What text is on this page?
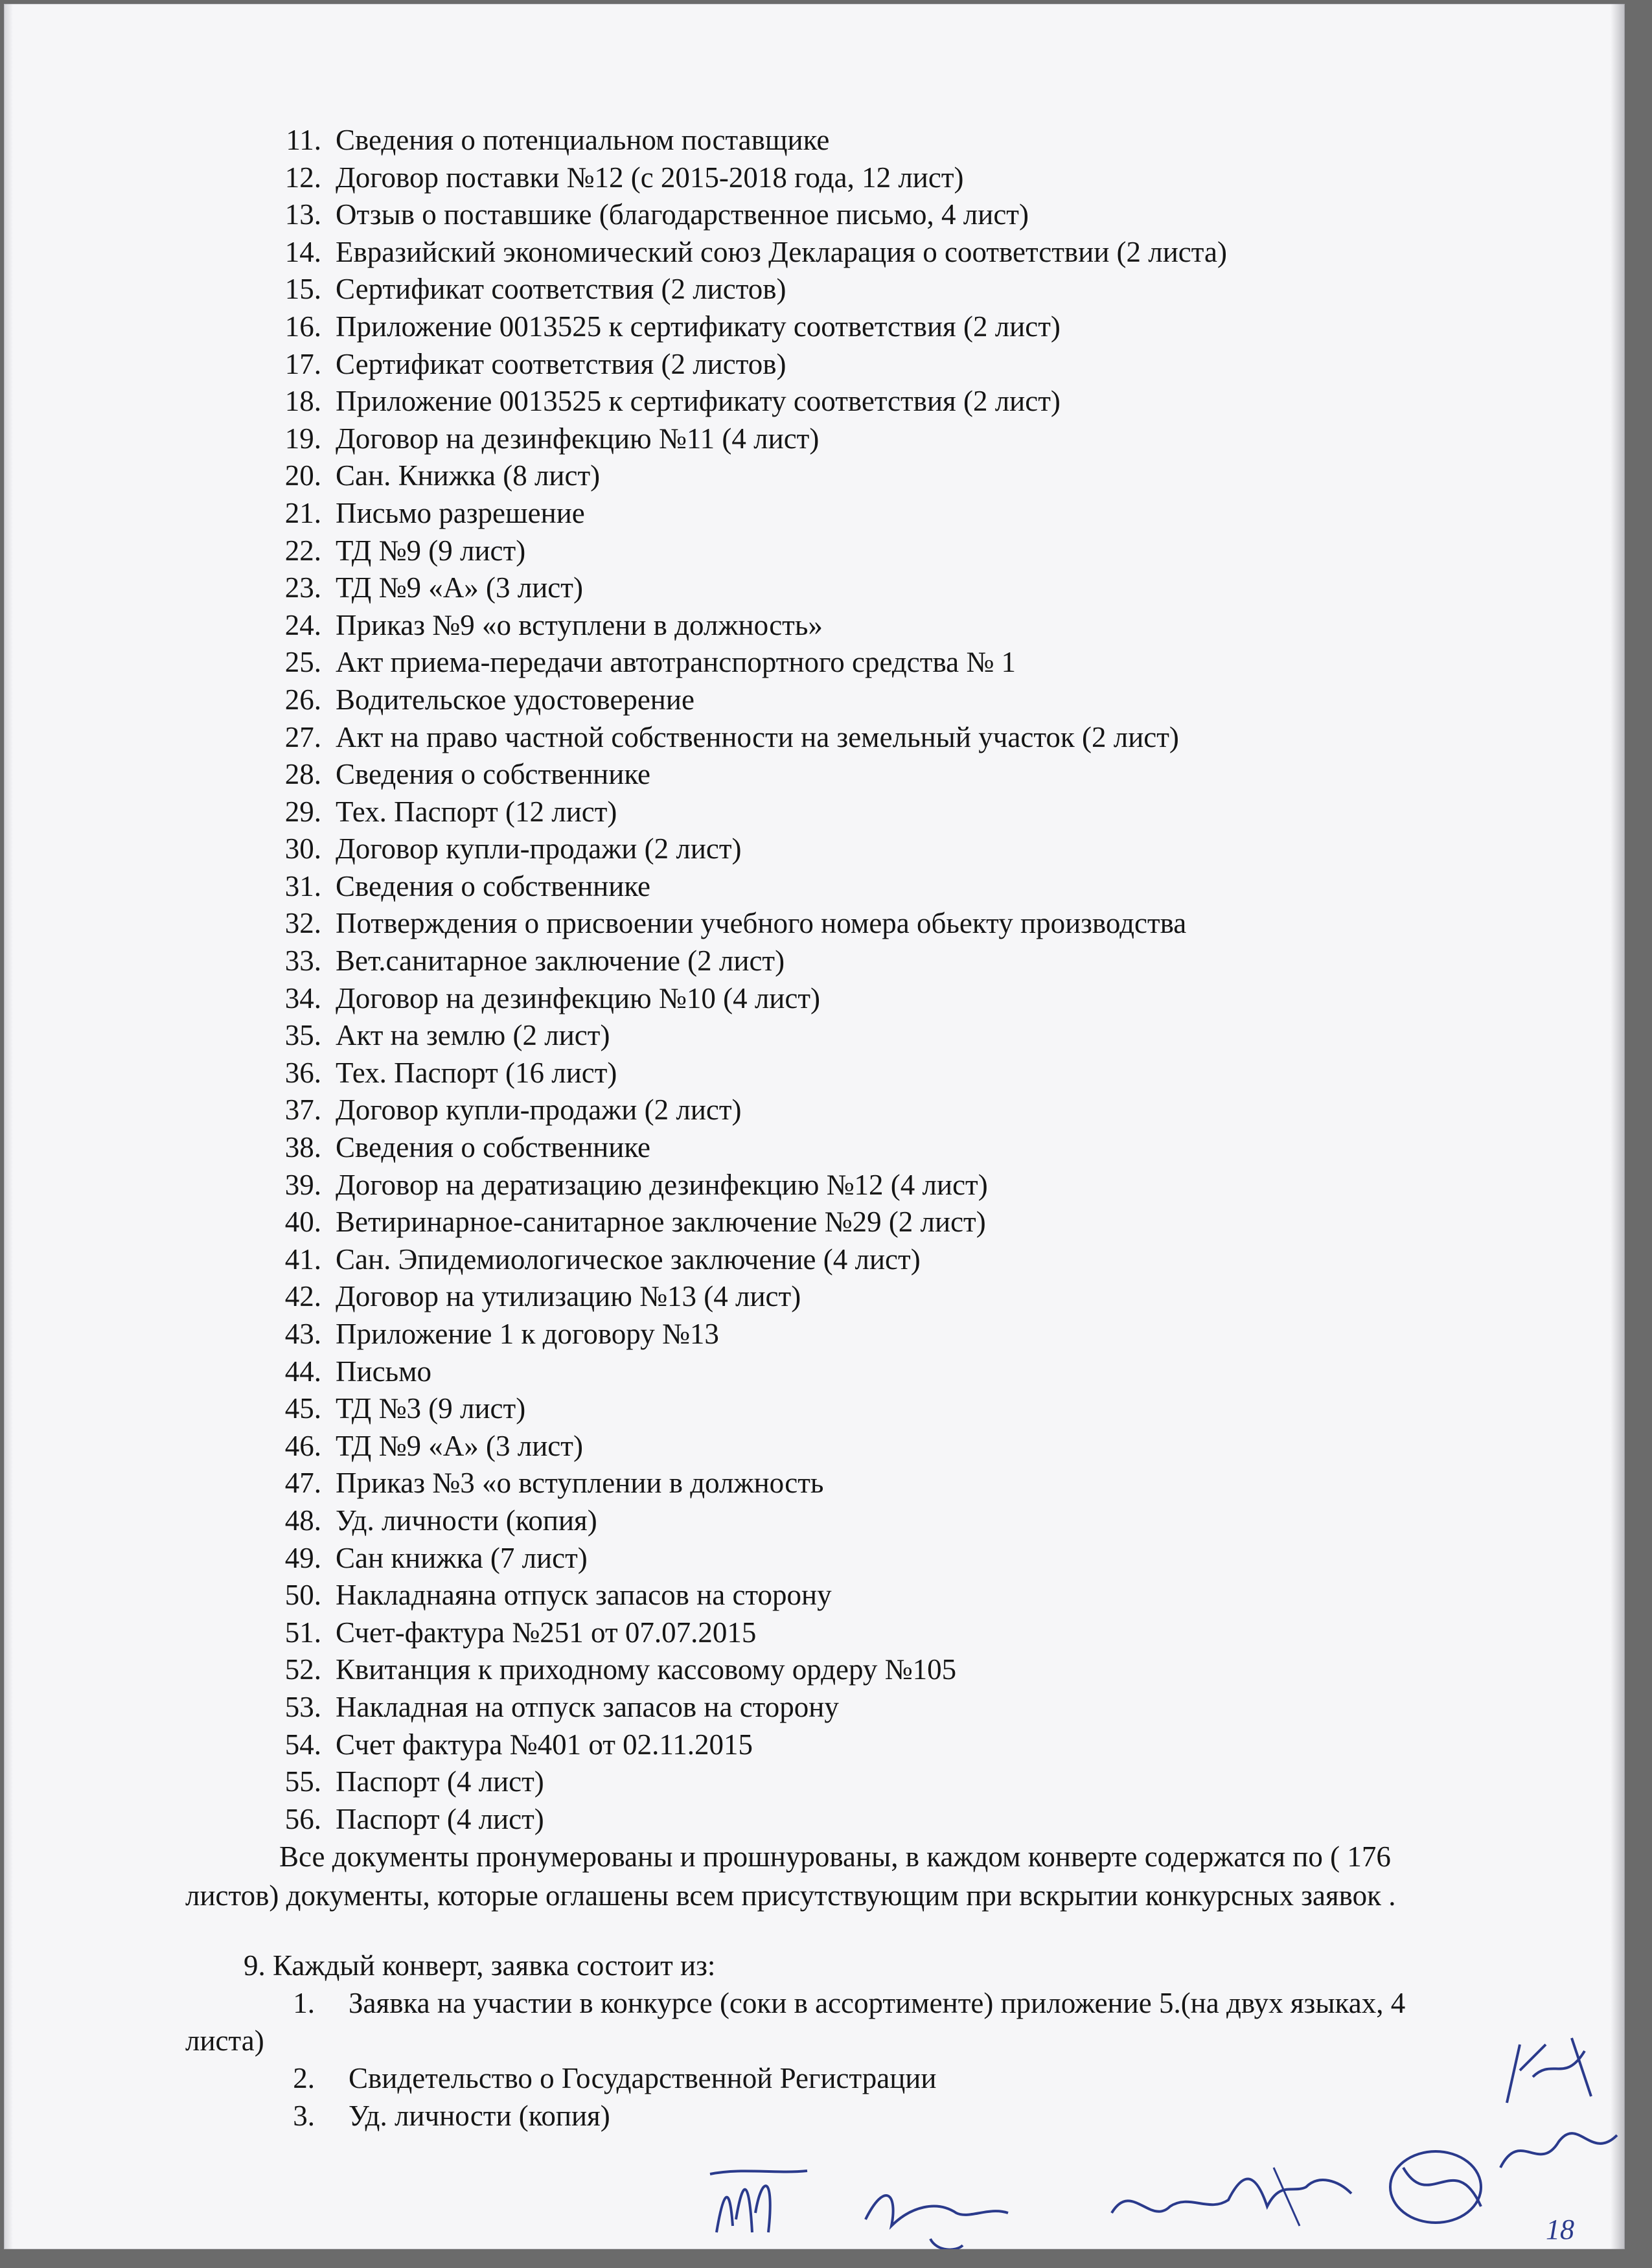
11. Сведения о потенциальном поставщике
12. Договор поставки №12 (с 2015-2018 года, 12 лист)
13. Отзыв о поставшике (благодарственное письмо, 4 лист)
14. Евразийский экономический союз Декларация о соответствии (2 листа)
15. Сертификат соответствия (2 листов)
16. Приложение 0013525 к сертификату соответствия (2 лист)
17. Сертификат соответствия (2 листов)
18. Приложение 0013525 к сертификату соответствия (2 лист)
19. Договор на дезинфекцию №11 (4 лист)
20. Сан. Книжка (8 лист)
21. Письмо разрешение
22. ТД №9 (9 лист)
23. ТД №9 «А» (3 лист)
24. Приказ №9 «о вступлени в должность»
25. Акт приема-передачи автотранспортного средства № 1
26. Водительское удостоверение
27. Акт на право частной собственности на земельный участок (2 лист)
28. Сведения о собственнике
29. Тех. Паспорт (12 лист)
30. Договор купли-продажи (2 лист)
31. Сведения о собственнике
32. Потверждения о присвоении учебного номера обьекту производства
33. Вет.санитарное заключение (2 лист)
34. Договор на дезинфекцию №10 (4 лист)
35. Акт на землю (2 лист)
36. Тех. Паспорт (16 лист)
37. Договор купли-продажи (2 лист)
38. Сведения о собственнике
39. Договор на дератизацию дезинфекцию №12 (4 лист)
40. Ветиринарное-санитарное заключение №29 (2 лист)
41. Сан. Эпидемиологическое заключение (4 лист)
42. Договор на утилизацию №13 (4 лист)
43. Приложение 1 к договору №13
44. Письмо
45. ТД №3 (9 лист)
46. ТД №9 «А» (3 лист)
47. Приказ №3 «о вступлении в должность
48. Уд. личности (копия)
49. Сан книжка (7 лист)
50. Накладнаяна отпуск запасов на сторону
51. Счет-фактура №251 от 07.07.2015
52. Квитанция к приходному кассовому ордеру №105
53. Накладная на отпуск запасов на сторону
54. Счет фактура №401 от 02.11.2015
55. Паспорт (4 лист)
56. Паспорт (4 лист)

Все документы пронумерованы и прошнурованы, в каждом конверте содержатся по ( 176 листов) документы, которые оглашены всем присутствующим при вскрытии конкурсных заявок .

9. Каждый конверт, заявка состоит из:
1. Заявка на участии в конкурсе (соки в ассортименте) приложение 5.(на двух языках, 4
листа)
2. Свидетельство о Государственной Регистрации
3. Уд. личности (копия)
18
